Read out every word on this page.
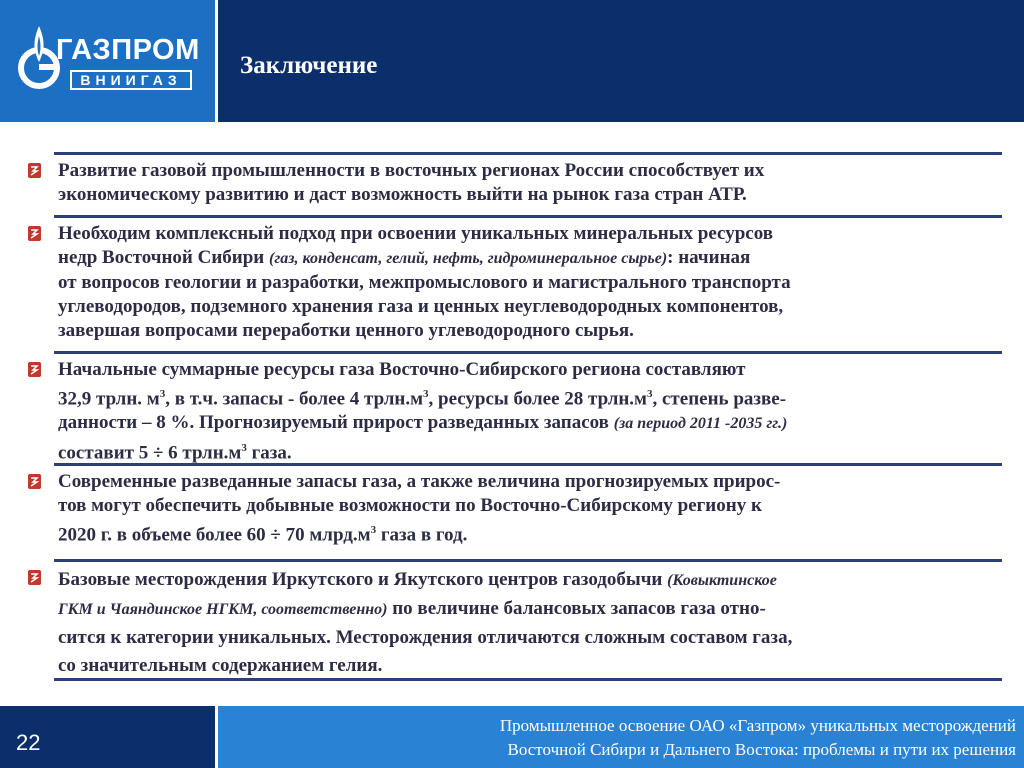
ГАЗПРОМ
ВНИИГАЗ
Заключение
Развитие газовой промышленности в восточных регионах России способствует их
экономическому развитию и даст возможность выйти на рынок газа стран АТР.
Необходим комплексный подход при освоении уникальных минеральных ресурсов
недр Восточной Сибири (газ, конденсат, гелий, нефть, гидроминеральное сырье): начиная
от вопросов геологии и разработки, межпромыслового и магистрального транспорта
углеводородов, подземного хранения газа и ценных неуглеводородных компонентов,
завершая вопросами переработки ценного углеводородного сырья.
Начальные суммарные ресурсы газа Восточно-Сибирского региона составляют
32,9 трлн. $м^3$, в т.ч. запасы - более 4 $трлн.м^3$, ресурсы более 28 $трлн.м^3$, степень разве-
данности – 8 %. Прогнозируемый прирост разведанных запасов (за период 2011 -2035 гг.)
составит 5 ÷ 6 $трлн.м^3$ газа.
Современные разведанные запасы газа, а также величина прогнозируемых прирос-
тов могут обеспечить добывные возможности по Восточно-Сибирскому региону к
2020 г. в объеме более 60 ÷ 70 $млрд.м^3$ газа в год.
Базовые месторождения Иркутского и Якутского центров газодобычи (Ковыктинское
ГКМ и Чаяндинское НГКМ, соответственно) по величине балансовых запасов газа отно-
сится к категории уникальных. Месторождения отличаются сложным составом газа,
со значительным содержанием гелия.
22
Промышленное освоение ОАО «Газпром» уникальных месторождений
Восточной Сибири и Дальнего Востока: проблемы и пути их решения
